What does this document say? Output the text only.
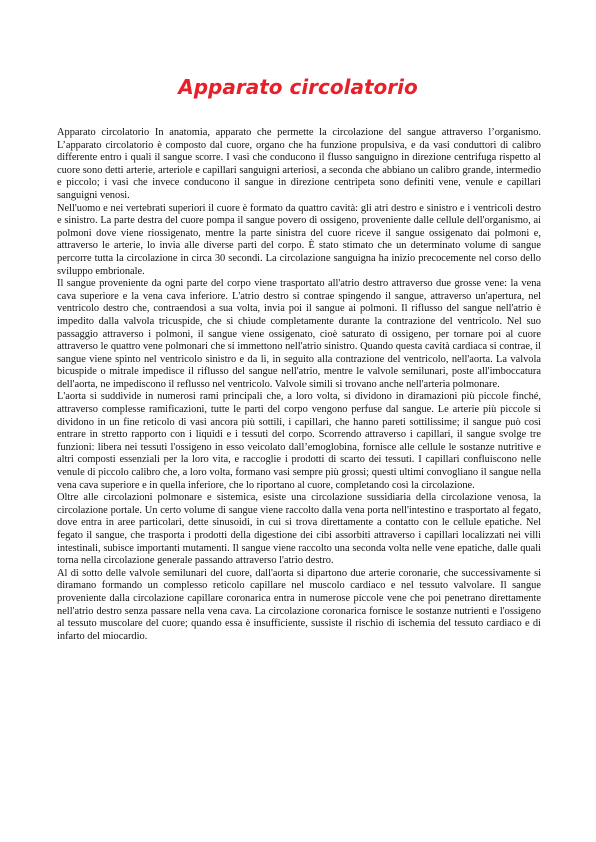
Apparato circolatorio

Apparato circolatorio In anatomia, apparato che permette la circolazione del sangue attraverso l’organismo. L’apparato circolatorio è composto dal cuore, organo che ha funzione propulsiva, e da vasi conduttori di calibro differente entro i quali il sangue scorre. I vasi che conducono il flusso sanguigno in direzione centrifuga rispetto al cuore sono detti arterie, arteriole e capillari sanguigni arteriosi, a seconda che abbiano un calibro grande, intermedio e piccolo; i vasi che invece conducono il sangue in direzione centripeta sono definiti vene, venule e capillari sanguigni venosi.

Nell'uomo e nei vertebrati superiori il cuore è formato da quattro cavità: gli atri destro e sinistro e i ventricoli destro e sinistro. La parte destra del cuore pompa il sangue povero di ossigeno, proveniente dalle cellule dell'organismo, ai polmoni dove viene riossigenato, mentre la parte sinistra del cuore riceve il sangue ossigenato dai polmoni e, attraverso le arterie, lo invia alle diverse parti del corpo. È stato stimato che un determinato volume di sangue percorre tutta la circolazione in circa 30 secondi. La circolazione sanguigna ha inizio precocemente nel corso dello sviluppo embrionale.

Il sangue proveniente da ogni parte del corpo viene trasportato all'atrio destro attraverso due grosse vene: la vena cava superiore e la vena cava inferiore. L'atrio destro si contrae spingendo il sangue, attraverso un'apertura, nel ventricolo destro che, contraendosi a sua volta, invia poi il sangue ai polmoni. Il riflusso del sangue nell'atrio è impedito dalla valvola tricuspide, che si chiude completamente durante la contrazione del ventricolo. Nel suo passaggio attraverso i polmoni, il sangue viene ossigenato, cioè saturato di ossigeno, per tornare poi al cuore attraverso le quattro vene polmonari che si immettono nell'atrio sinistro. Quando questa cavità cardiaca si contrae, il sangue viene spinto nel ventricolo sinistro e da lì, in seguito alla contrazione del ventricolo, nell'aorta. La valvola bicuspide o mitrale impedisce il riflusso del sangue nell'atrio, mentre le valvole semilunari, poste all'imboccatura dell'aorta, ne impediscono il reflusso nel ventricolo. Valvole simili si trovano anche nell'arteria polmonare.

L'aorta si suddivide in numerosi rami principali che, a loro volta, si dividono in diramazioni più piccole finché, attraverso complesse ramificazioni, tutte le parti del corpo vengono perfuse dal sangue. Le arterie più piccole si dividono in un fine reticolo di vasi ancora più sottili, i capillari, che hanno pareti sottilissime; il sangue può così entrare in stretto rapporto con i liquidi e i tessuti del corpo. Scorrendo attraverso i capillari, il sangue svolge tre funzioni: libera nei tessuti l'ossigeno in esso veicolato dall’emoglobina, fornisce alle cellule le sostanze nutritive e altri composti essenziali per la loro vita, e raccoglie i prodotti di scarto dei tessuti. I capillari confluiscono nelle venule di piccolo calibro che, a loro volta, formano vasi sempre più grossi; questi ultimi convogliano il sangue nella vena cava superiore e in quella inferiore, che lo riportano al cuore, completando così la circolazione.

Oltre alle circolazioni polmonare e sistemica, esiste una circolazione sussidiaria della circolazione venosa, la circolazione portale. Un certo volume di sangue viene raccolto dalla vena porta nell'intestino e trasportato al fegato, dove entra in aree particolari, dette sinusoidi, in cui si trova direttamente a contatto con le cellule epatiche. Nel fegato il sangue, che trasporta i prodotti della digestione dei cibi assorbiti attraverso i capillari localizzati nei villi intestinali, subisce importanti mutamenti. Il sangue viene raccolto una seconda volta nelle vene epatiche, dalle quali torna nella circolazione generale passando attraverso l'atrio destro.

Al di sotto delle valvole semilunari del cuore, dall'aorta si dipartono due arterie coronarie, che successivamente si diramano formando un complesso reticolo capillare nel muscolo cardiaco e nel tessuto valvolare. Il sangue proveniente dalla circolazione capillare coronarica entra in numerose piccole vene che poi penetrano direttamente nell'atrio destro senza passare nella vena cava. La circolazione coronarica fornisce le sostanze nutrienti e l'ossigeno al tessuto muscolare del cuore; quando essa è insufficiente, sussiste il rischio di ischemia del tessuto cardiaco e di infarto del miocardio.
